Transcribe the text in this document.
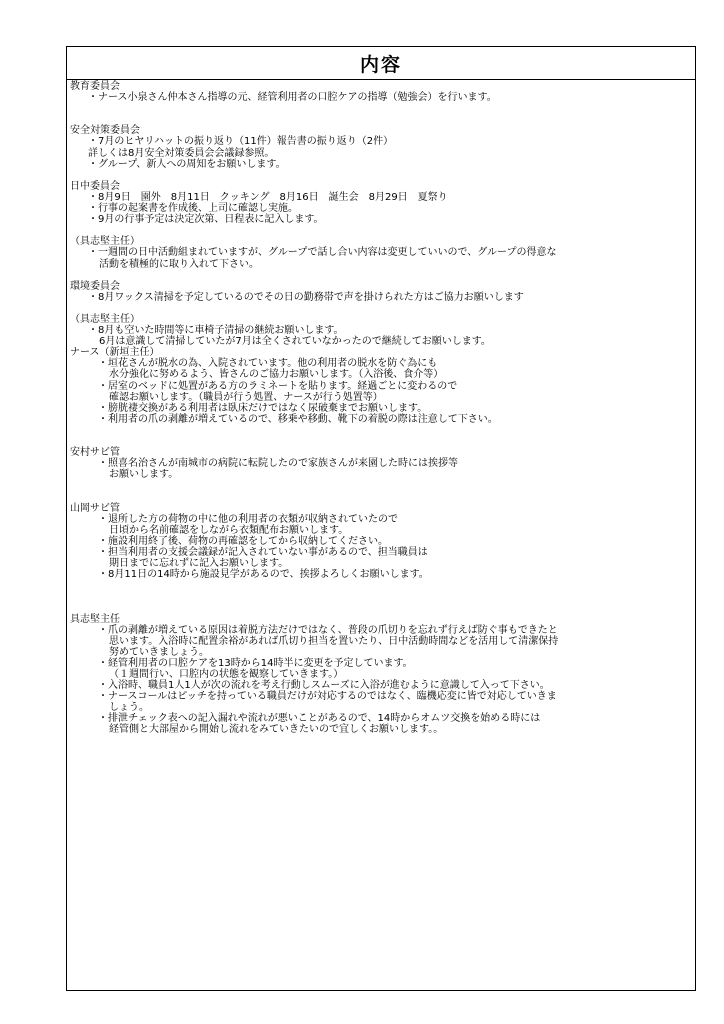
内容
教育委員会
・ナース小泉さん仲本さん指導の元、経管利用者の口腔ケアの指導（勉強会）を行います。
安全対策委員会
・7月のヒヤリハットの振り返り（11件）報告書の振り返り（2件）
詳しくは8月安全対策委員会会議録参照。
・グループ、新人への周知をお願いします。
日中委員会
・8月9日　園外　8月11日　クッキング　8月16日　誕生会　8月29日　夏祭り
・行事の起案書を作成後、上司に確認し実施。
・9月の行事予定は決定次第、日程表に記入します。
（具志堅主任）
・一週間の日中活動組まれていますが、グループで話し合い内容は変更していいので、グループの得意な
活動を積極的に取り入れて下さい。
環境委員会
・8月ワックス清掃を予定しているのでその日の勤務帯で声を掛けられた方はご協力お願いします
（具志堅主任）
・8月も空いた時間等に車椅子清掃の継続お願いします。
6月は意識して清掃していたが7月は全くされていなかったので継続してお願いします。
ナース（新垣主任）
・垣花さんが脱水の為、入院されています。他の利用者の脱水を防ぐ為にも
水分強化に努めるよう、皆さんのご協力お願いします。（入浴後、食介等）
・居室のベッドに処置がある方のラミネートを貼ります。経過ごとに変わるので
確認お願いします。（職員が行う処置、ナースが行う処置等）
・膀胱褄交換がある利用者は臥床だけではなく尿破棄までお願いします。
・利用者の爪の剥離が増えているので、移乗や移動、靴下の着脱の際は注意して下さい。
安村サビ管
・照喜名治さんが南城市の病院に転院したので家族さんが来園した時には挨拶等
お願いします。
山岡サビ管
・退所した方の荷物の中に他の利用者の衣類が収納されていたので
日頃から名前確認をしながら衣類配布お願いします。
・施設利用終了後、荷物の再確認をしてから収納してください。
・担当利用者の支援会議録が記入されていない事があるので、担当職員は
期日までに忘れずに記入お願いします。
・8月11日の14時から施設見学があるので、挨拶よろしくお願いします。
具志堅主任
・爪の剥離が増えている原因は着脱方法だけではなく、普段の爪切りを忘れず行えば防ぐ事もできたと
思います。入浴時に配置余裕があれば爪切り担当を置いたり、日中活動時間などを活用して清潔保持
努めていきましょう。
・経管利用者の口腔ケアを13時から14時半に変更を予定しています。
（１週間行い、口腔内の状態を観察していきます。）
・入浴時、職員1人1人が次の流れを考え行動しスムーズに入浴が進むように意識して入って下さい。
・ナースコールはピッチを持っている職員だけが対応するのではなく、臨機応変に皆で対応していきま
しょう。
・排泄チェック表への記入漏れや流れが悪いことがあるので、14時からオムツ交換を始める時には
経管側と大部屋から開始し流れをみていきたいので宜しくお願いします。。
